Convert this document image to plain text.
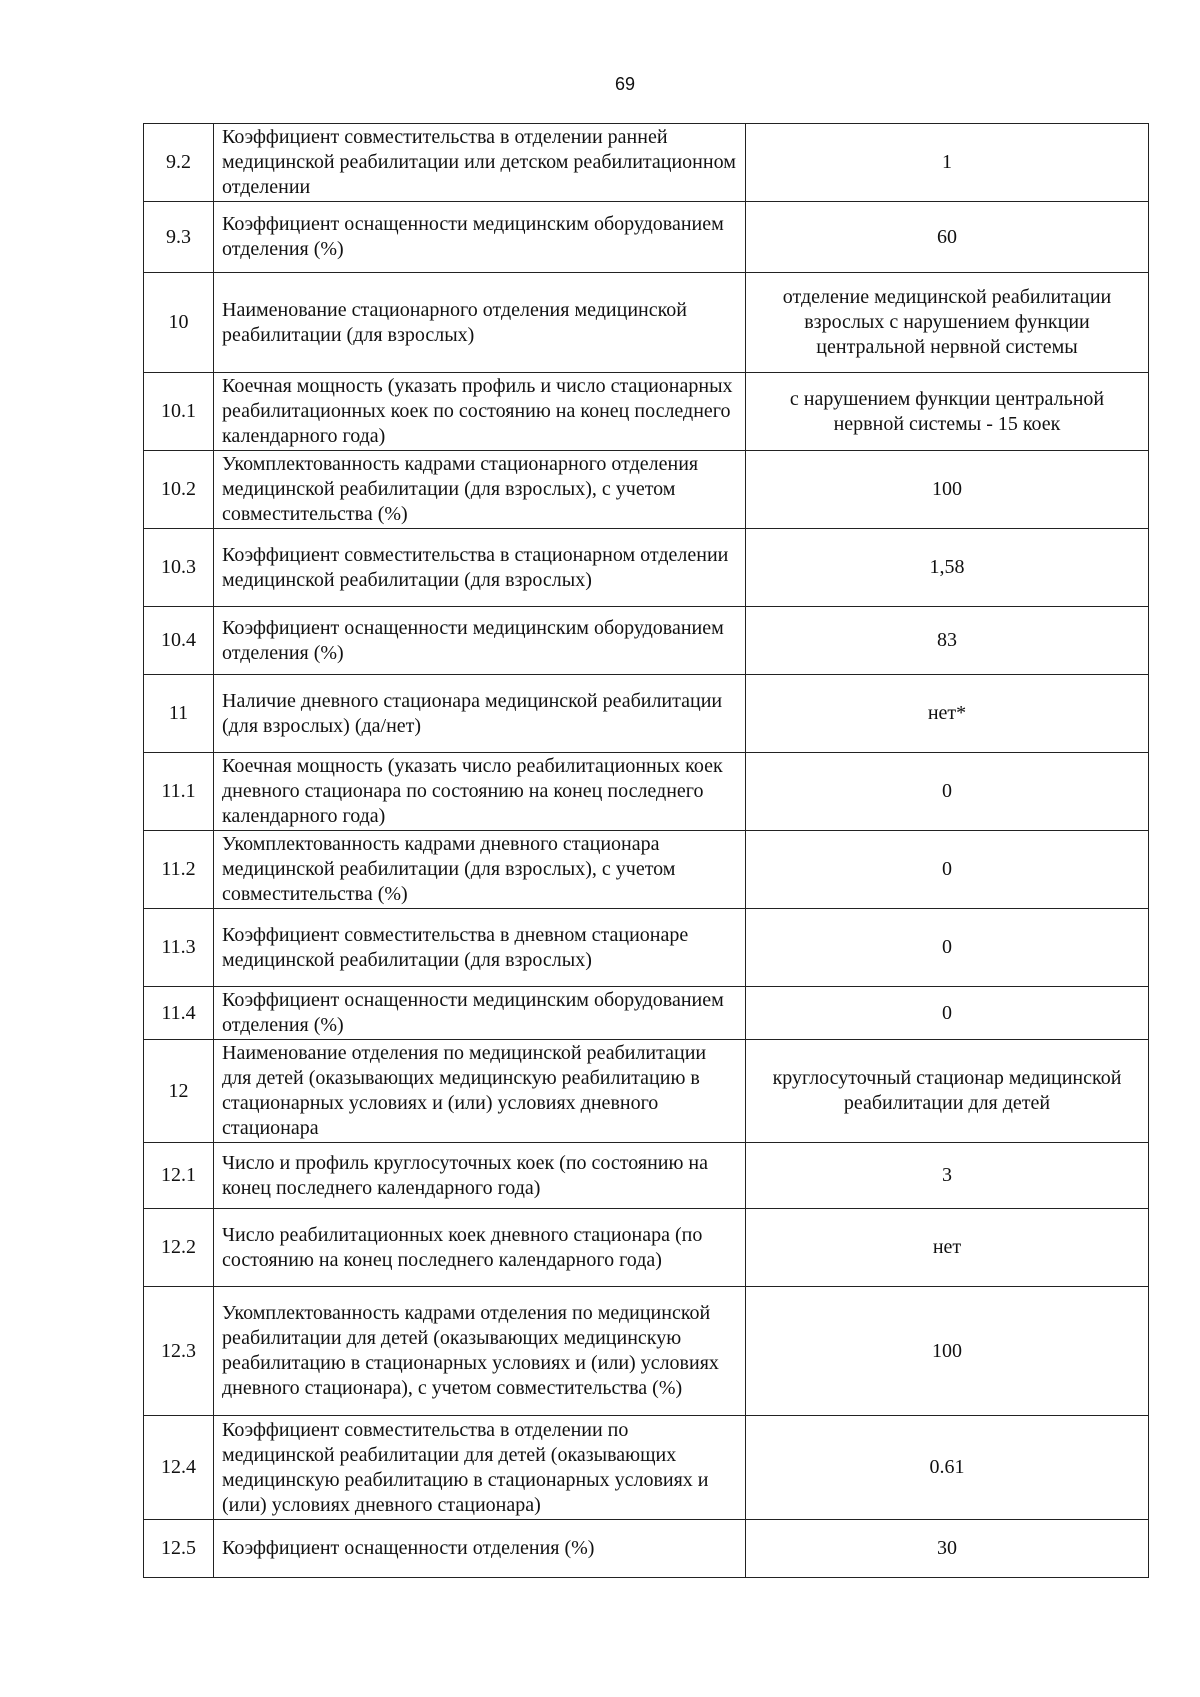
69
9.2	Коэффициент совместительства в отделении ранней медицинской реабилитации или детском реабилитационном отделении	1
9.3	Коэффициент оснащенности медицинским оборудованием отделения (%)	60
10	Наименование стационарного отделения медицинской реабилитации (для взрослых)	отделение медицинской реабилитации взрослых с нарушением функции центральной нервной системы
10.1	Коечная мощность (указать профиль и число стационарных реабилитационных коек по состоянию на конец последнего календарного года)	с нарушением функции центральной нервной системы - 15 коек
10.2	Укомплектованность кадрами стационарного отделения медицинской реабилитации (для взрослых), с учетом совместительства (%)	100
10.3	Коэффициент совместительства в стационарном отделении медицинской реабилитации (для взрослых)	1,58
10.4	Коэффициент оснащенности медицинским оборудованием отделения (%)	83
11	Наличие дневного стационара медицинской реабилитации (для взрослых) (да/нет)	нет*
11.1	Коечная мощность (указать число реабилитационных коек дневного стационара по состоянию на конец последнего календарного года)	0
11.2	Укомплектованность кадрами дневного стационара медицинской реабилитации (для взрослых), с учетом совместительства (%)	0
11.3	Коэффициент совместительства в дневном стационаре медицинской реабилитации (для взрослых)	0
11.4	Коэффициент оснащенности медицинским оборудованием отделения (%)	0
12	Наименование отделения по медицинской реабилитации для детей (оказывающих медицинскую реабилитацию в стационарных условиях и (или) условиях дневного стационара	круглосуточный стационар медицинской реабилитации для детей
12.1	Число и профиль круглосуточных коек (по состоянию на конец последнего календарного года)	3
12.2	Число реабилитационных коек дневного стационара (по состоянию на конец последнего календарного года)	нет
12.3	Укомплектованность кадрами отделения по медицинской реабилитации для детей (оказывающих медицинскую реабилитацию в стационарных условиях и (или) условиях дневного стационара), с учетом совместительства (%)	100
12.4	Коэффициент совместительства в отделении по медицинской реабилитации для детей (оказывающих медицинскую реабилитацию в стационарных условиях и (или) условиях дневного стационара)	0.61
12.5	Коэффициент оснащенности отделения (%)	30
